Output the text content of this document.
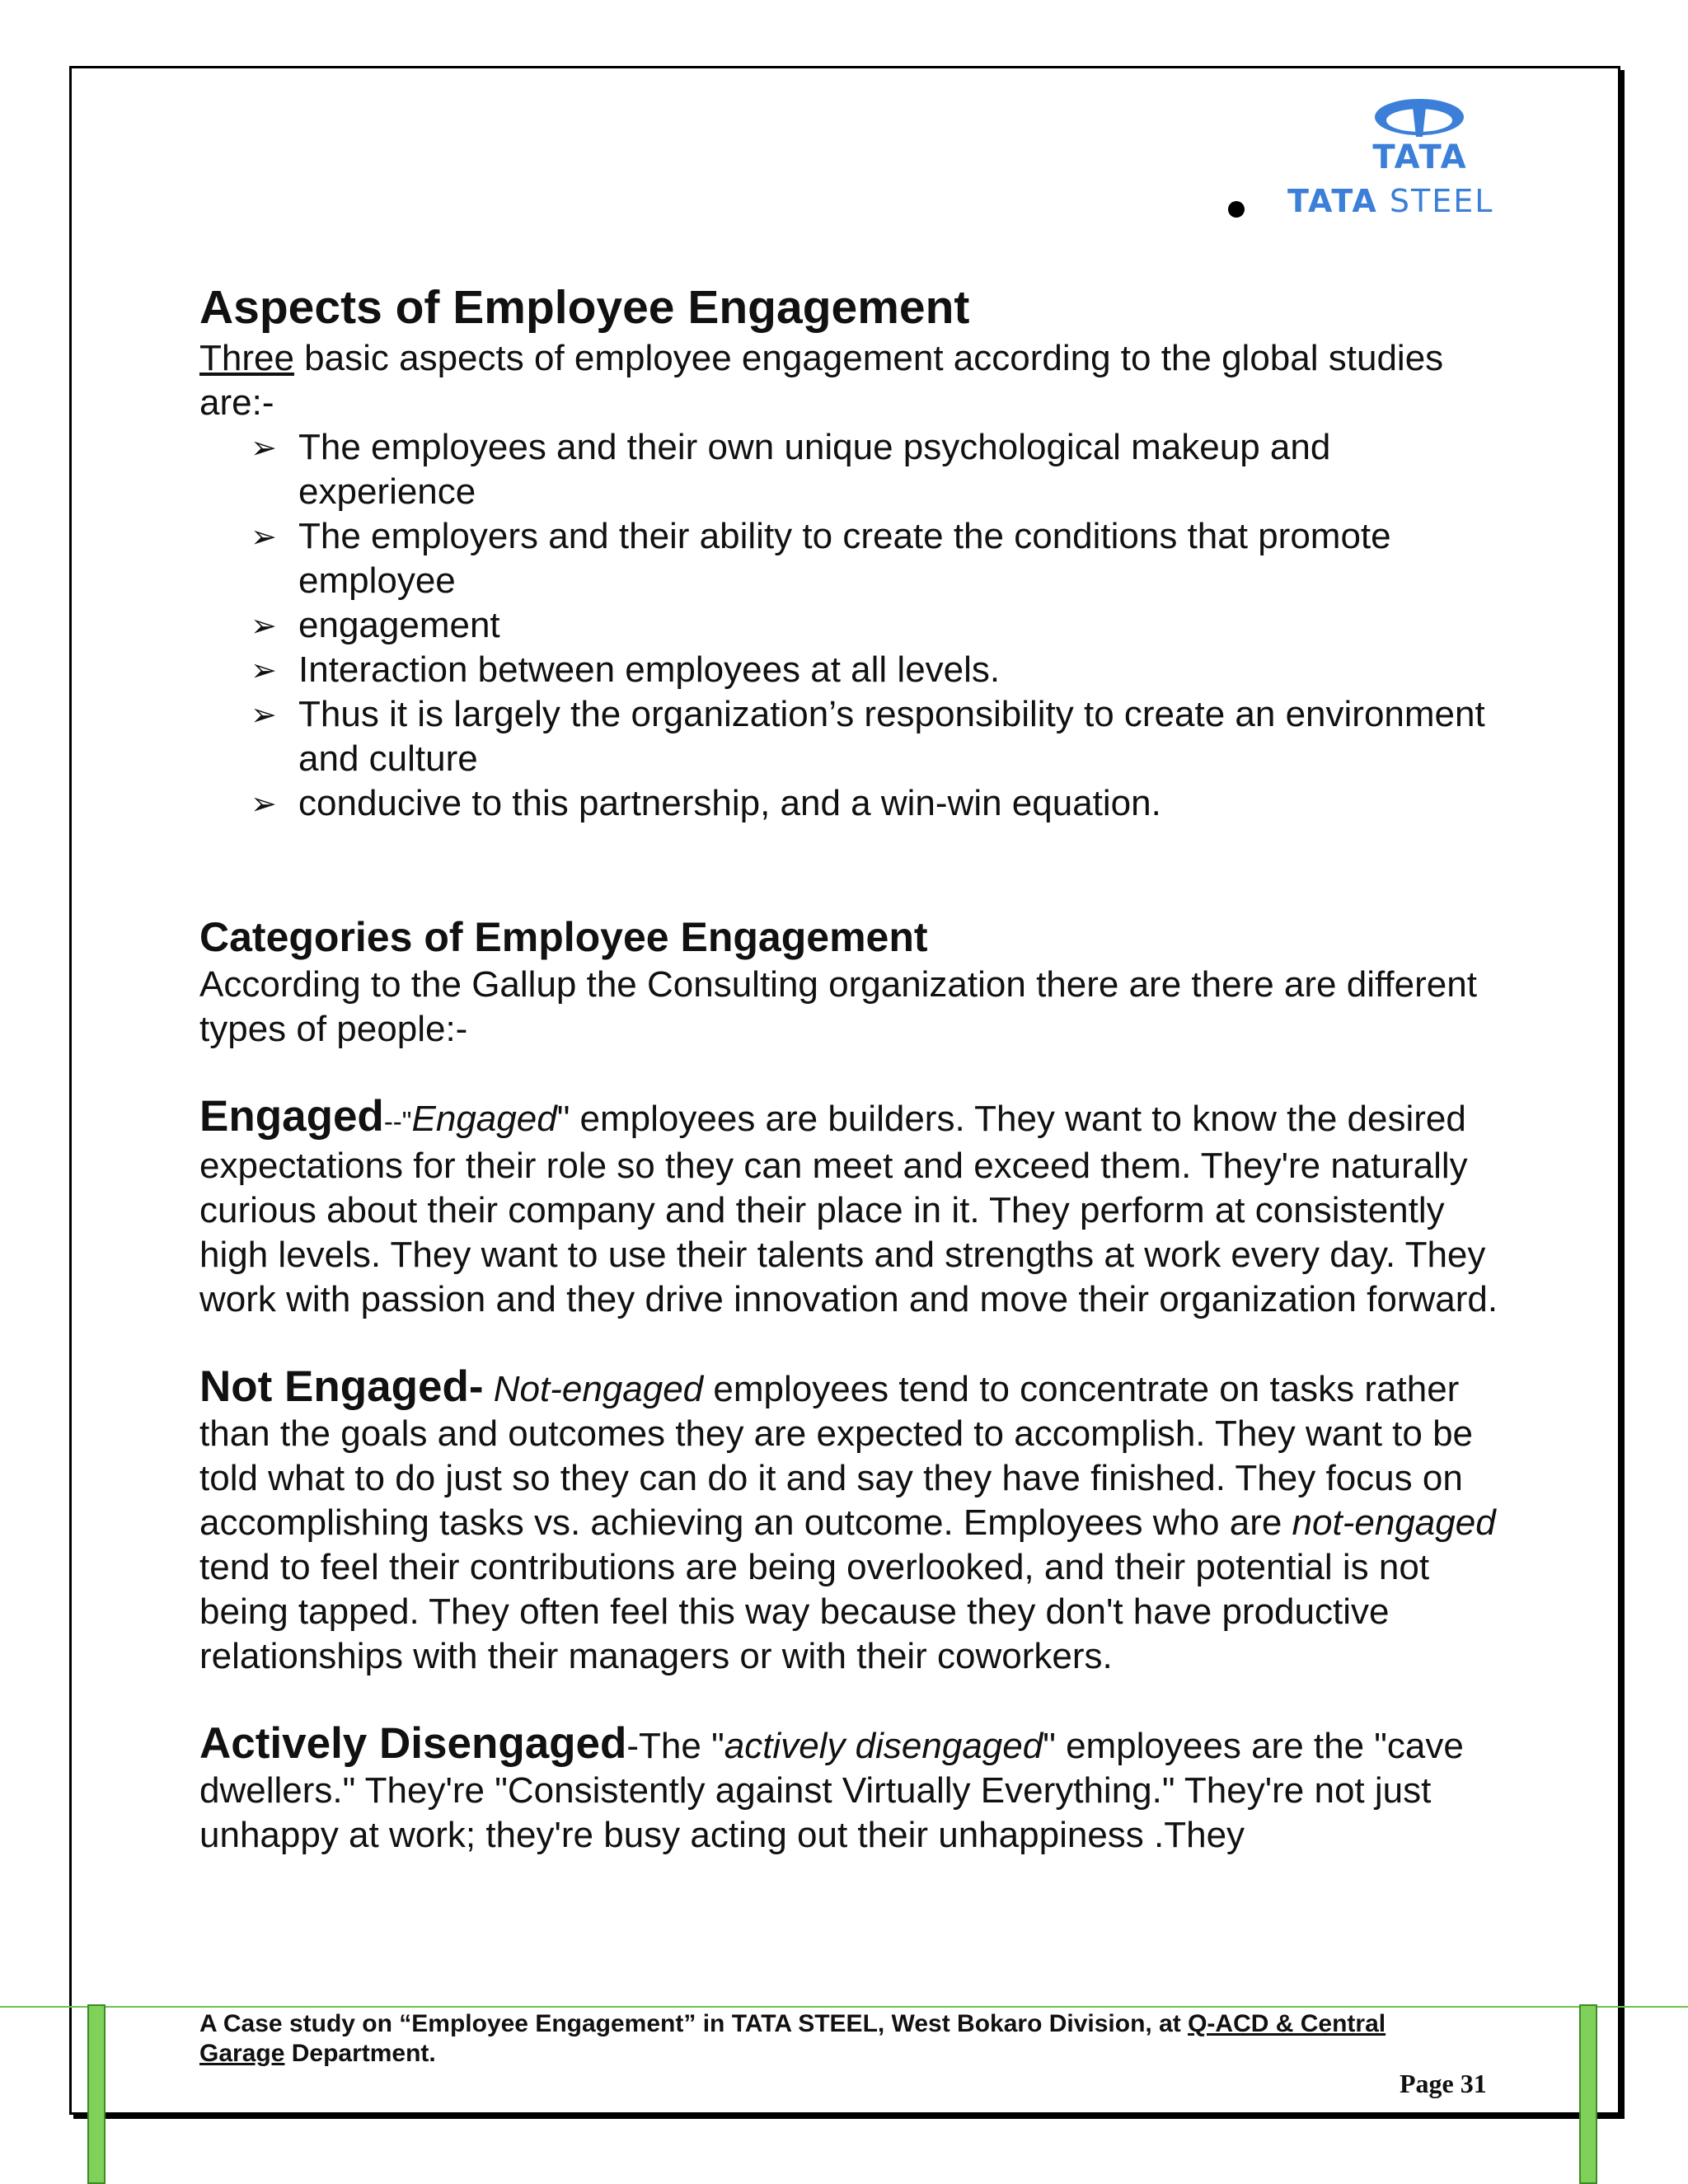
TATA
TATA STEEL
Aspects of Employee Engagement

Three basic aspects of employee engagement according to the global studies are:-

➢ The employees and their own unique psychological makeup and experience
➢ The employers and their ability to create the conditions that promote employee
➢ engagement
➢ Interaction between employees at all levels.
➢ Thus it is largely the organization’s responsibility to create an environment and culture
➢ conducive to this partnership, and a win-win equation.
Categories of Employee Engagement

According to the Gallup the Consulting organization there are there are different types of people:-

Engaged--"Engaged" employees are builders. They want to know the desired expectations for their role so they can meet and exceed them. They're naturally curious about their company and their place in it. They perform at consistently high levels. They want to use their talents and strengths at work every day. They work with passion and they drive innovation and move their organization forward.

Not Engaged- Not-engaged employees tend to concentrate on tasks rather than the goals and outcomes they are expected to accomplish. They want to be told what to do just so they can do it and say they have finished. They focus on accomplishing tasks vs. achieving an outcome. Employees who are not-engaged tend to feel their contributions are being overlooked, and their potential is not being tapped. They often feel this way because they don't have productive relationships with their managers or with their coworkers.

Actively Disengaged-The "actively disengaged" employees are the "cave dwellers." They're "Consistently against Virtually Everything." They're not just unhappy at work; they're busy acting out their unhappiness .They

A Case study on “Employee Engagement” in TATA STEEL, West Bokaro Division, at Q-ACD & Central Garage Department.
Page 31
